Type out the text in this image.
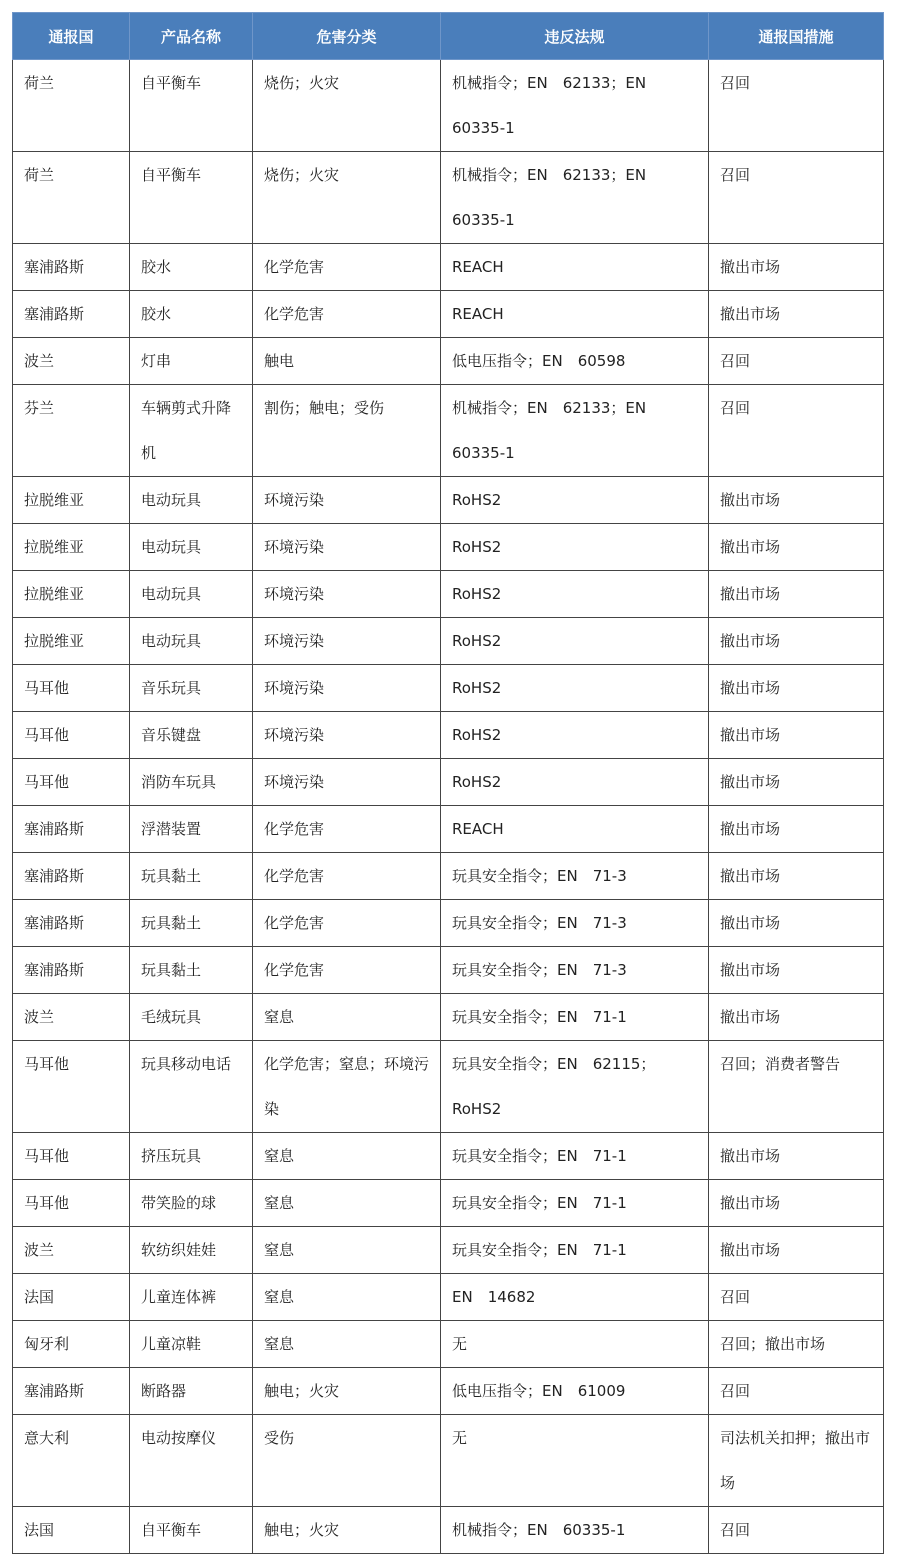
通报国	产品名称	危害分类	违反法规	通报国措施

荷兰	自平衡车	烧伤；火灾	机械指令；EN　62133；EN　60335-1	召回

荷兰	自平衡车	烧伤；火灾	机械指令；EN　62133；EN　60335-1	召回

塞浦路斯	胶水	化学危害	REACH	撤出市场

塞浦路斯	胶水	化学危害	REACH	撤出市场

波兰	灯串	触电	低电压指令；EN　60598	召回

芬兰	车辆剪式升降机	割伤；触电；受伤	机械指令；EN　62133；EN　60335-1	召回

拉脱维亚	电动玩具	环境污染	RoHS2	撤出市场

拉脱维亚	电动玩具	环境污染	RoHS2	撤出市场

拉脱维亚	电动玩具	环境污染	RoHS2	撤出市场

拉脱维亚	电动玩具	环境污染	RoHS2	撤出市场

马耳他	音乐玩具	环境污染	RoHS2	撤出市场

马耳他	音乐键盘	环境污染	RoHS2	撤出市场

马耳他	消防车玩具	环境污染	RoHS2	撤出市场

塞浦路斯	浮潜装置	化学危害	REACH	撤出市场

塞浦路斯	玩具黏土	化学危害	玩具安全指令；EN　71-3	撤出市场

塞浦路斯	玩具黏土	化学危害	玩具安全指令；EN　71-3	撤出市场

塞浦路斯	玩具黏土	化学危害	玩具安全指令；EN　71-3	撤出市场

波兰	毛绒玩具	窒息	玩具安全指令；EN　71-1	撤出市场

马耳他	玩具移动电话	化学危害；窒息；环境污染	玩具安全指令；EN　62115；RoHS2	召回；消费者警告

马耳他	挤压玩具	窒息	玩具安全指令；EN　71-1	撤出市场

马耳他	带笑脸的球	窒息	玩具安全指令；EN　71-1	撤出市场

波兰	软纺织娃娃	窒息	玩具安全指令；EN　71-1	撤出市场

法国	儿童连体裤	窒息	EN　14682	召回

匈牙利	儿童凉鞋	窒息	无	召回；撤出市场

塞浦路斯	断路器	触电；火灾	低电压指令；EN　61009	召回

意大利	电动按摩仪	受伤	无	司法机关扣押；撤出市场

法国	自平衡车	触电；火灾	机械指令；EN　60335-1	召回
